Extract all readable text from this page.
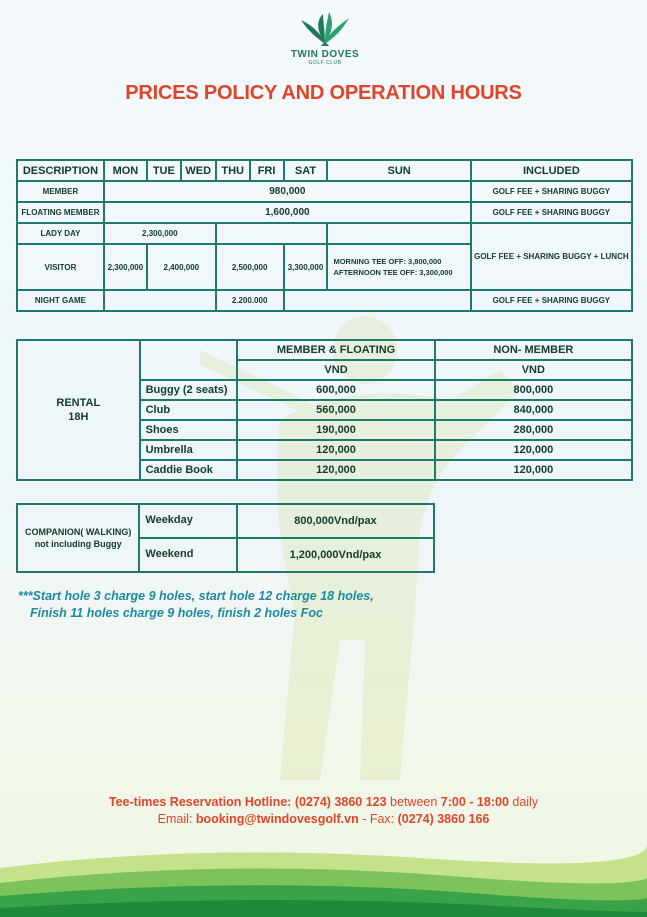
TWIN DOVES
GOLF CLUB
PRICES POLICY AND OPERATION HOURS
DESCRIPTION	MON	TUE	WED	THU	FRI	SAT	SUN	INCLUDED
MEMBER	980,000							GOLF FEE + SHARING BUGGY
FLOATING MEMBER	1,600,000							GOLF FEE + SHARING BUGGY
LADY DAY	2,300,000							GOLF FEE + SHARING BUGGY + LUNCH
VISITOR	2,300,000	2,400,000		2,500,000		3,300,000	MORNING TEE OFF: 3,800,000
AFTERNOON TEE OFF: 3,300,000	
NIGHT GAME				2.200.000				GOLF FEE + SHARING BUGGY
RENTAL
18H		MEMBER & FLOATING	NON- MEMBER
		VND	VND
	Buggy (2 seats)	600,000	800,000
	Club	560,000	840,000
	Shoes	190,000	280,000
	Umbrella	120,000	120,000
	Caddie Book	120,000	120,000
COMPANION( WALKING)
not including Buggy	Weekday	800,000Vnd/pax
	Weekend	1,200,000Vnd/pax
***Start hole 3 charge 9 holes, start hole 12 charge 18 holes,
Finish 11 holes charge 9 holes, finish 2 holes Foc
Tee-times Reservation Hotline: (0274) 3860 123 between 7:00 - 18:00 daily
Email: booking@twindovesgolf.vn - Fax: (0274) 3860 166
